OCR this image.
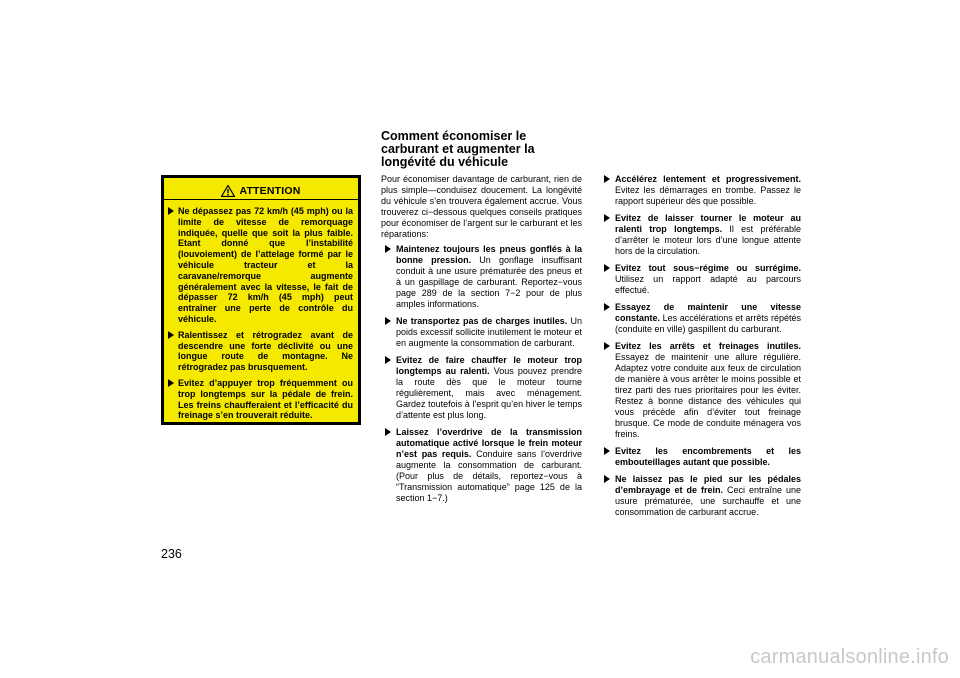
ATTENTION
Ne dépassez pas 72 km/h (45 mph) ou la limite de vitesse de remorquage indiquée, quelle que soit la plus faible. Etant donné que l’instabilité (louvoiement) de l’attelage formé par le véhicule tracteur et la caravane/remorque augmente généralement avec la vitesse, le fait de dépasser 72 km/h (45 mph) peut entraîner une perte de contrôle du véhicule.
Ralentissez et rétrogradez avant de descendre une forte déclivité ou une longue route de montagne. Ne rétrogradez pas brusquement.
Evitez d’appuyer trop fréquemment ou trop longtemps sur la pédale de frein. Les freins chaufferaient et l’efficacité du freinage s’en trouverait réduite.
236
Comment économiser le
carburant et augmenter la
longévité du véhicule

Pour économiser davantage de carburant, rien de plus simple—conduisez doucement. La longévité du véhicule s’en trouvera également accrue. Vous trouverez ci−dessous quelques conseils pratiques pour économiser de l’argent sur le carburant et les réparations:

Maintenez toujours les pneus gonflés à la bonne pression. Un gonflage insuffisant conduit à une usure prématurée des pneus et à un gaspillage de carburant. Reportez−vous page 289 de la section 7−2 pour de plus amples informations.
Ne transportez pas de charges inutiles. Un poids excessif sollicite inutilement le moteur et en augmente la consommation de carburant.
Evitez de faire chauffer le moteur trop longtemps au ralenti. Vous pouvez prendre la route dès que le moteur tourne régulièrement, mais avec ménagement. Gardez toutefois à l’esprit qu’en hiver le temps d’attente est plus long.
Laissez l’overdrive de la transmission automatique activé lorsque le frein moteur n’est pas requis. Conduire sans l’overdrive augmente la consommation de carburant. (Pour plus de détails, reportez−vous à “Transmission automatique” page 125 de la section 1−7.)
Accélérez lentement et progressivement. Evitez les démarrages en trombe. Passez le rapport supérieur dès que possible.
Evitez de laisser tourner le moteur au ralenti trop longtemps. Il est préférable d’arrêter le moteur lors d’une longue attente hors de la circulation.
Evitez tout sous−régime ou surrégime. Utilisez un rapport adapté au parcours effectué.
Essayez de maintenir une vitesse constante. Les accélérations et arrêts répétés (conduite en ville) gaspillent du carburant.
Evitez les arrêts et freinages inutiles. Essayez de maintenir une allure régulière. Adaptez votre conduite aux feux de circulation de manière à vous arrêter le moins possible et tirez parti des rues prioritaires pour les éviter. Restez à bonne distance des véhicules qui vous précède afin d’éviter tout freinage brusque. Ce mode de conduite ménagera vos freins.
Evitez les encombrements et les embouteillages autant que possible.
Ne laissez pas le pied sur les pédales d’embrayage et de frein. Ceci entraîne une usure prématurée, une surchauffe et une consommation de carburant accrue.
carmanualsonline.info
